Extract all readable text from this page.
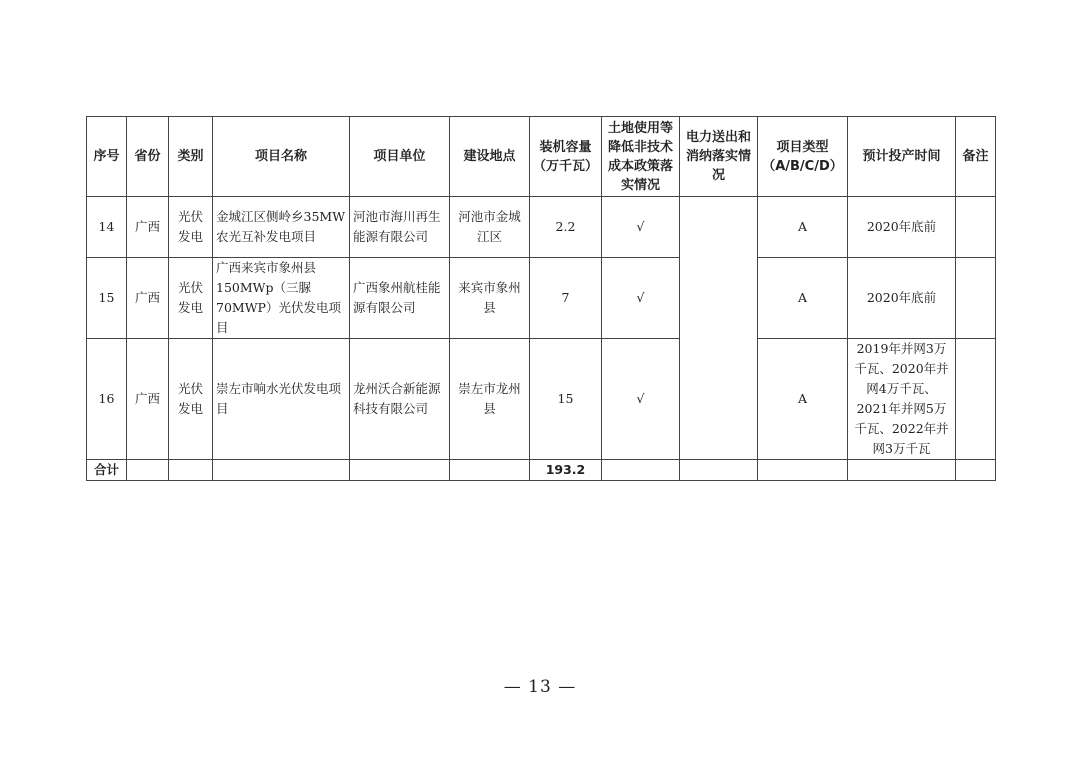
序号	省份	类别	项目名称	项目单位	建设地点	装机容量（万千瓦）	土地使用等降低非技术成本政策落实情况	电力送出和消纳落实情况	项目类型（A/B/C/D）	预计投产时间	备注
14	广西	光伏发电	金城江区侧岭乡35MW农光互补发电项目	河池市海川再生能源有限公司	河池市金城江区	2.2	√		A	2020年底前	
15	广西	光伏发电	广西来宾市象州县150MWp（三脲70MWP）光伏发电项目	广西象州航桂能源有限公司	来宾市象州县	7	√		A	2020年底前	
16	广西	光伏发电	崇左市响水光伏发电项目	龙州沃合新能源科技有限公司	崇左市龙州县	15	√		A	2019年并网3万千瓦、2020年并网4万千瓦、2021年并网5万千瓦、2022年并网3万千瓦	
合计						193.2					
— 13 —
